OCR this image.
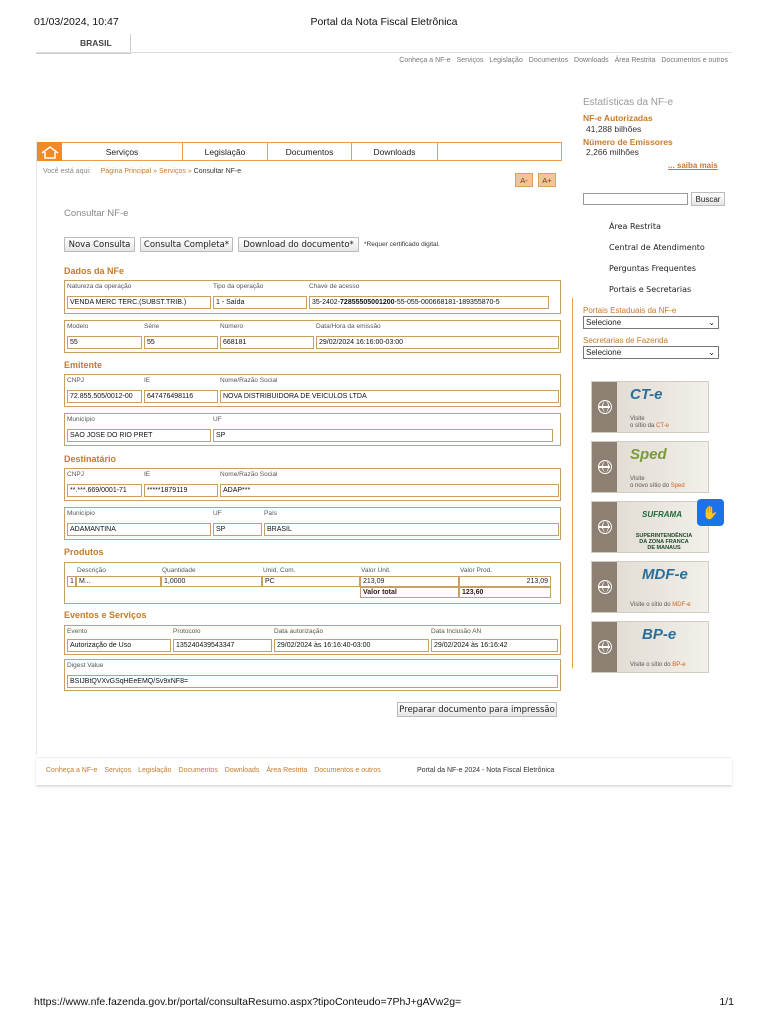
01/03/2024, 10:47	Portal da Nota Fiscal Eletrônica
BRASIL
Conheça a NF-e Serviços Legislação Documentos Downloads Área Restrita Documentos e outros
Serviços	Legislação	Documentos	Downloads
Você está aqui: Página Principal » Serviços » Consultar NF-e
A-	A+
Consultar NF-e
Nova Consulta	Consulta Completa*	Download do documento*	*Requer certificado digital.
Dados da NFe
Natureza da operação	Tipo da operação	Chave de acesso
VENDA MERC TERC.(SUBST.TRIB.)	1 - Saída	35-2402-72855505001200-55-055-000668181-189355870-5
Modelo	Série	Número	Data/Hora da emissão
55	55	668181	29/02/2024 16:16:00-03:00
Emitente
CNPJ	IE	Nome/Razão Social
72.855.505/0012-00	647476498116	NOVA DISTRIBUIDORA DE VEICULOS LTDA
Município	UF
SAO JOSE DO RIO PRET	SP
Destinatário
CNPJ	IE	Nome/Razão Social
**.***.669/0001-71	*****1879119	ADAP***
Município	UF	País
ADAMANTINA	SP	BRASIL
Produtos
Descrição	Quantidade	Unid. Com.	Valor Unit.	Valor Prod.
1 M...	1,0000	PC	213,09	213,09
Valor total	123,60
Eventos e Serviços
Evento	Protocolo	Data autorização	Data Inclusão AN
Autorização de Uso	135240439543347	29/02/2024 às 16:16:40-03:00	29/02/2024 às 16:16:42
Digest Value
BSIJBtQVXvGSqHEeEMQ/Sv9xNF8=
Preparar documento para impressão
Conheça a NF-e Serviços Legislação Documentos Downloads Área Restrita Documentos e outros	Portal da NF-e 2024 - Nota Fiscal Eletrônica
Estatísticas da NF-e
NF-e Autorizadas
41,288 bilhões
Número de Emissores
2,266 milhões
... saiba mais
Buscar
Área Restrita
Central de Atendimento
Perguntas Frequentes
Portais e Secretarias
Portais Estaduais da NF-e
Selecione	⌄
Secretarias de Fazenda
Selecione	⌄
CT-e
Visite
o sítio da CT-e
Sped
Visite
o novo sítio do Sped
SUFRAMA
SUPERINTENDÊNCIA
DA ZONA FRANCA
DE MANAUS
MDF-e
Visite o sítio do MDF-e
BP-e
Visite o sítio do BP-e
✋
https://www.nfe.fazenda.gov.br/portal/consultaResumo.aspx?tipoConteudo=7PhJ+gAVw2g=	1/1
